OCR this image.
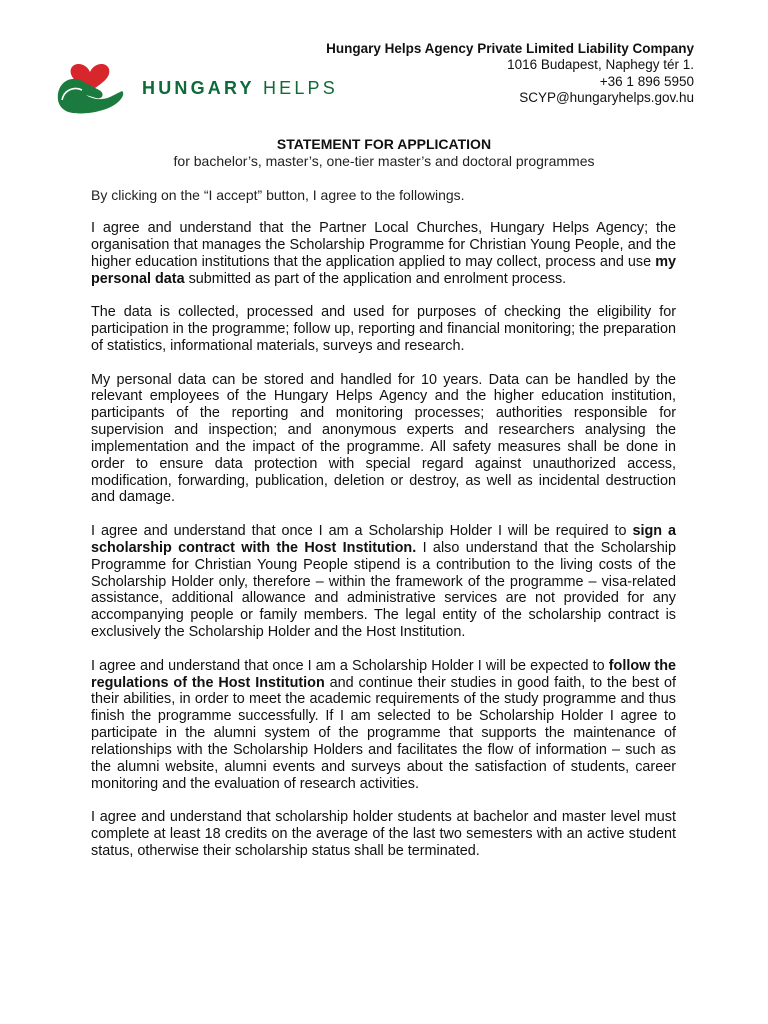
HUNGARY HELPS
Hungary Helps Agency Private Limited Liability Company
1016 Budapest, Naphegy tér 1.
+36 1 896 5950
SCYP@hungaryhelps.gov.hu
STATEMENT FOR APPLICATION
for bachelor’s, master’s, one-tier master’s and doctoral programmes
By clicking on the “I accept” button, I agree to the followings.

I agree and understand that the Partner Local Churches, Hungary Helps Agency; the organisation that manages the Scholarship Programme for Christian Young People, and the higher education institutions that the application applied to may collect, process and use my personal data submitted as part of the application and enrolment process.

The data is collected, processed and used for purposes of checking the eligibility for participation in the programme; follow up, reporting and financial monitoring; the preparation of statistics, informational materials, surveys and research.

My personal data can be stored and handled for 10 years. Data can be handled by the relevant employees of the Hungary Helps Agency and the higher education institution, participants of the reporting and monitoring processes; authorities responsible for supervision and inspection; and anonymous experts and researchers analysing the implementation and the impact of the programme. All safety measures shall be done in order to ensure data protection with special regard against unauthorized access, modification, forwarding, publication, deletion or destroy, as well as incidental destruction and damage.

I agree and understand that once I am a Scholarship Holder I will be required to sign a scholarship contract with the Host Institution. I also understand that the Scholarship Programme for Christian Young People stipend is a contribution to the living costs of the Scholarship Holder only, therefore – within the framework of the programme – visa-related assistance, additional allowance and administrative services are not provided for any accompanying people or family members. The legal entity of the scholarship contract is exclusively the Scholarship Holder and the Host Institution.

I agree and understand that once I am a Scholarship Holder I will be expected to follow the regulations of the Host Institution and continue their studies in good faith, to the best of their abilities, in order to meet the academic requirements of the study programme and thus finish the programme successfully. If I am selected to be Scholarship Holder I agree to participate in the alumni system of the programme that supports the maintenance of relationships with the Scholarship Holders and facilitates the flow of information – such as the alumni website, alumni events and surveys about the satisfaction of students, career monitoring and the evaluation of research activities.

I agree and understand that scholarship holder students at bachelor and master level must complete at least 18 credits on the average of the last two semesters with an active student status, otherwise their scholarship status shall be terminated.
